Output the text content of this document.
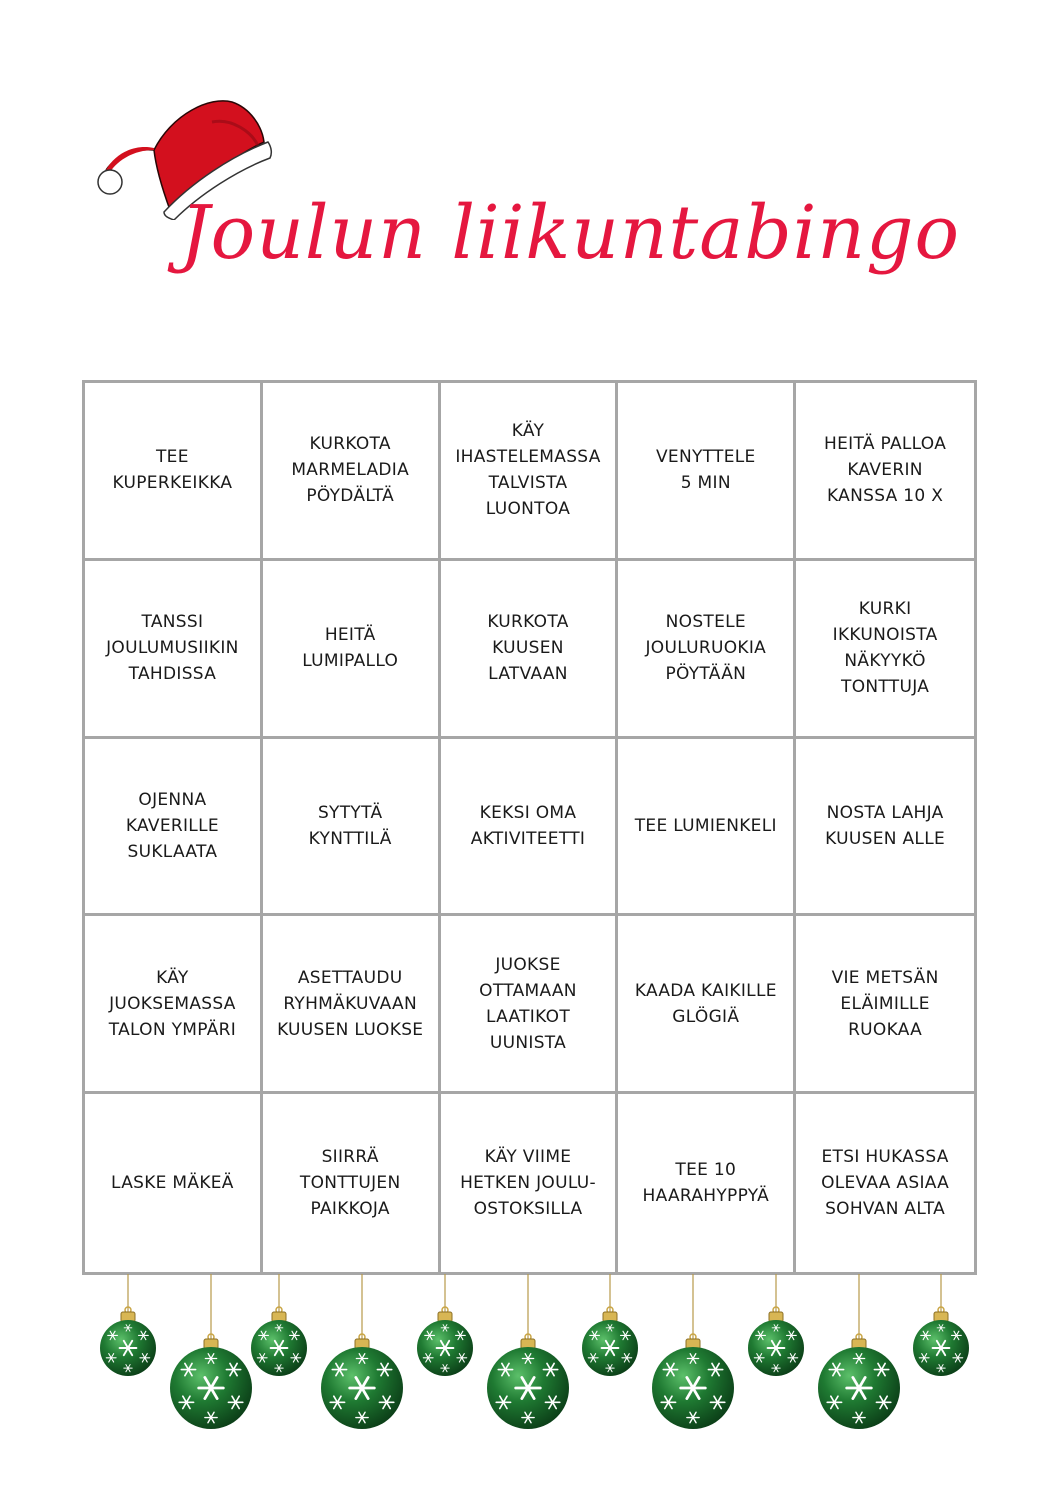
Joulun liikuntabingo
TEE
KUPERKEIKKA
KURKOTA
MARMELADIA
PÖYDÄLTÄ
KÄY
IHASTELEMASSA
TALVISTA
LUONTOA
VENYTTELE
5 MIN
HEITÄ PALLOA
KAVERIN
KANSSA 10 X
TANSSI
JOULUMUSIIKIN
TAHDISSA
HEITÄ
LUMIPALLO
KURKOTA
KUUSEN
LATVAAN
NOSTELE
JOULURUOKIA
PÖYTÄÄN
KURKI
IKKUNOISTA
NÄKYYKÖ
TONTTUJA
OJENNA
KAVERILLE
SUKLAATA
SYTYTÄ
KYNTTILÄ
KEKSI OMA
AKTIVITEETTI
TEE LUMIENKELI
NOSTA LAHJA
KUUSEN ALLE
KÄY
JUOKSEMASSA
TALON YMPÄRI
ASETTAUDU
RYHMÄKUVAAN
KUUSEN LUOKSE
JUOKSE
OTTAMAAN
LAATIKOT
UUNISTA
KAADA KAIKILLE
GLÖGIÄ
VIE METSÄN
ELÄIMILLE
RUOKAA
LASKE MÄKEÄ
SIIRRÄ
TONTTUJEN
PAIKKOJA
KÄY VIIME
HETKEN JOULU-
OSTOKSILLA
TEE 10
HAARAHYPPYÄ
ETSI HUKASSA
OLEVAA ASIAA
SOHVAN ALTA
